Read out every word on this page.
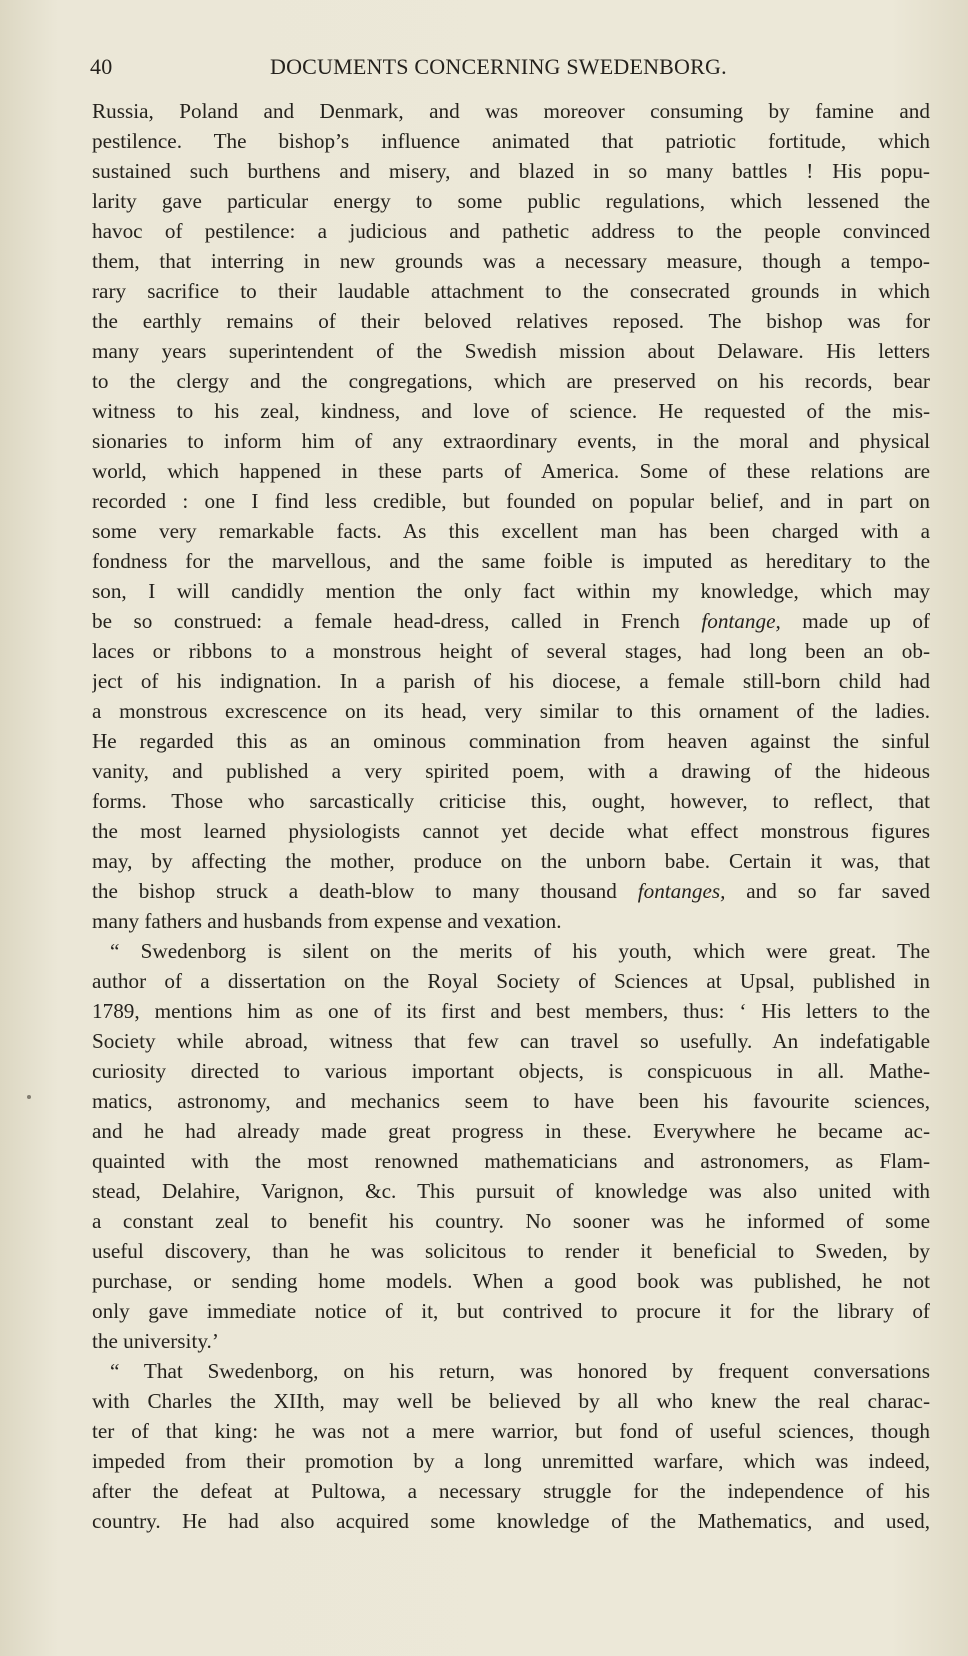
40	DOCUMENTS CONCERNING SWEDENBORG.
Russia, Poland and Denmark, and was moreover consuming by famine and
pestilence. The bishop’s influence animated that patriotic fortitude, which
sustained such burthens and misery, and blazed in so many battles ! His popu-
larity gave particular energy to some public regulations, which lessened the
havoc of pestilence: a judicious and pathetic address to the people convinced
them, that interring in new grounds was a necessary measure, though a tempo-
rary sacrifice to their laudable attachment to the consecrated grounds in which
the earthly remains of their beloved relatives reposed. The bishop was for
many years superintendent of the Swedish mission about Delaware. His letters
to the clergy and the congregations, which are preserved on his records, bear
witness to his zeal, kindness, and love of science. He requested of the mis-
sionaries to inform him of any extraordinary events, in the moral and physical
world, which happened in these parts of America. Some of these relations are
recorded : one I find less credible, but founded on popular belief, and in part on
some very remarkable facts. As this excellent man has been charged with a
fondness for the marvellous, and the same foible is imputed as hereditary to the
son, I will candidly mention the only fact within my knowledge, which may
be so construed: a female head-dress, called in French fontange, made up of
laces or ribbons to a monstrous height of several stages, had long been an ob-
ject of his indignation. In a parish of his diocese, a female still-born child had
a monstrous excrescence on its head, very similar to this ornament of the ladies.
He regarded this as an ominous commination from heaven against the sinful
vanity, and published a very spirited poem, with a drawing of the hideous
forms. Those who sarcastically criticise this, ought, however, to reflect, that
the most learned physiologists cannot yet decide what effect monstrous figures
may, by affecting the mother, produce on the unborn babe. Certain it was, that
the bishop struck a death-blow to many thousand fontanges, and so far saved
many fathers and husbands from expense and vexation.
“ Swedenborg is silent on the merits of his youth, which were great. The
author of a dissertation on the Royal Society of Sciences at Upsal, published in
1789, mentions him as one of its first and best members, thus: ‘ His letters to the
Society while abroad, witness that few can travel so usefully. An indefatigable
curiosity directed to various important objects, is conspicuous in all. Mathe-
matics, astronomy, and mechanics seem to have been his favourite sciences,
and he had already made great progress in these. Everywhere he became ac-
quainted with the most renowned mathematicians and astronomers, as Flam-
stead, Delahire, Varignon, &c. This pursuit of knowledge was also united with
a constant zeal to benefit his country. No sooner was he informed of some
useful discovery, than he was solicitous to render it beneficial to Sweden, by
purchase, or sending home models. When a good book was published, he not
only gave immediate notice of it, but contrived to procure it for the library of
the university.’
“ That Swedenborg, on his return, was honored by frequent conversations
with Charles the XIIth, may well be believed by all who knew the real charac-
ter of that king: he was not a mere warrior, but fond of useful sciences, though
impeded from their promotion by a long unremitted warfare, which was indeed,
after the defeat at Pultowa, a necessary struggle for the independence of his
country. He had also acquired some knowledge of the Mathematics, and used,
